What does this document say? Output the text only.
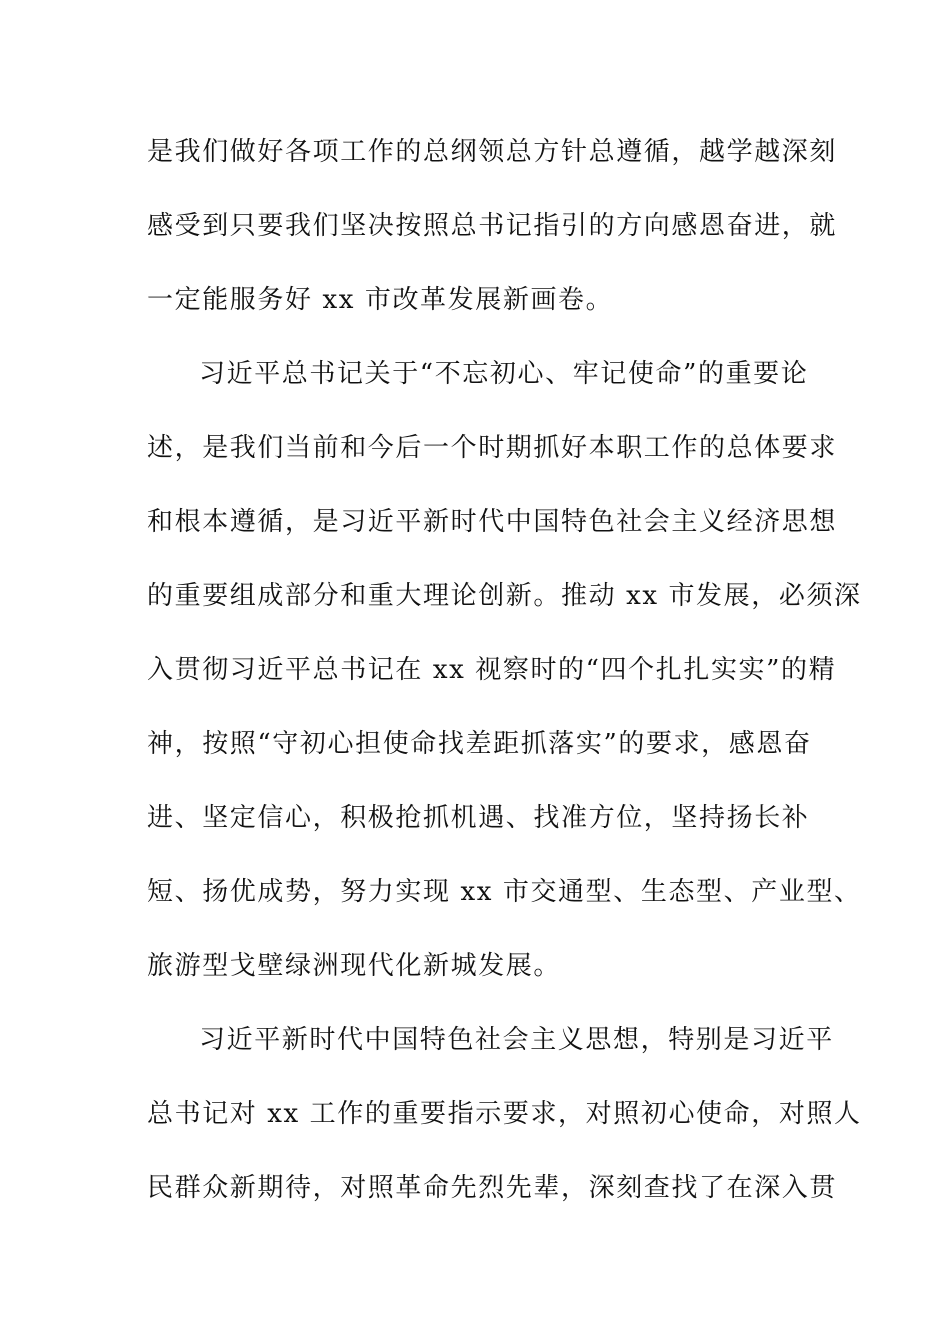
是我们做好各项工作的总纲领总方针总遵循，越学越深刻
感受到只要我们坚决按照总书记指引的方向感恩奋进，就
一定能服务好 xx 市改革发展新画卷。
习近平总书记关于“不忘初心、牢记使命”的重要论
述，是我们当前和今后一个时期抓好本职工作的总体要求
和根本遵循，是习近平新时代中国特色社会主义经济思想
的重要组成部分和重大理论创新。推动 xx 市发展，必须深
入贯彻习近平总书记在 xx 视察时的“四个扎扎实实”的精
神，按照“守初心担使命找差距抓落实”的要求，感恩奋
进、坚定信心，积极抢抓机遇、找准方位，坚持扬长补
短、扬优成势，努力实现 xx 市交通型、生态型、产业型、
旅游型戈壁绿洲现代化新城发展。
习近平新时代中国特色社会主义思想，特别是习近平
总书记对 xx 工作的重要指示要求，对照初心使命，对照人
民群众新期待，对照革命先烈先辈，深刻查找了在深入贯
